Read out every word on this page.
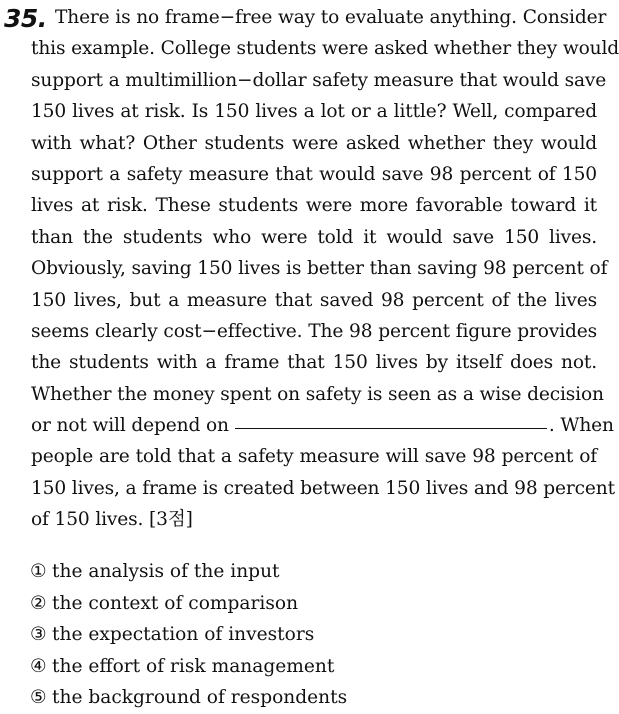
35. There is no frame−free way to evaluate anything. Consider
this example. College students were asked whether they would
support a multimillion−dollar safety measure that would save
150 lives at risk. Is 150 lives a lot or a little? Well, compared
with what? Other students were asked whether they would
support a safety measure that would save 98 percent of 150
lives at risk. These students were more favorable toward it
than the students who were told it would save 150 lives.
Obviously, saving 150 lives is better than saving 98 percent of
150 lives, but a measure that saved 98 percent of the lives
seems clearly cost−effective. The 98 percent figure provides
the students with a frame that 150 lives by itself does not.
Whether the money spent on safety is seen as a wise decision
or not will depend on	. When
people are told that a safety measure will save 98 percent of
150 lives, a frame is created between 150 lives and 98 percent
of 150 lives. [3점]
① the analysis of the input
② the context of comparison
③ the expectation of investors
④ the effort of risk management
⑤ the background of respondents
